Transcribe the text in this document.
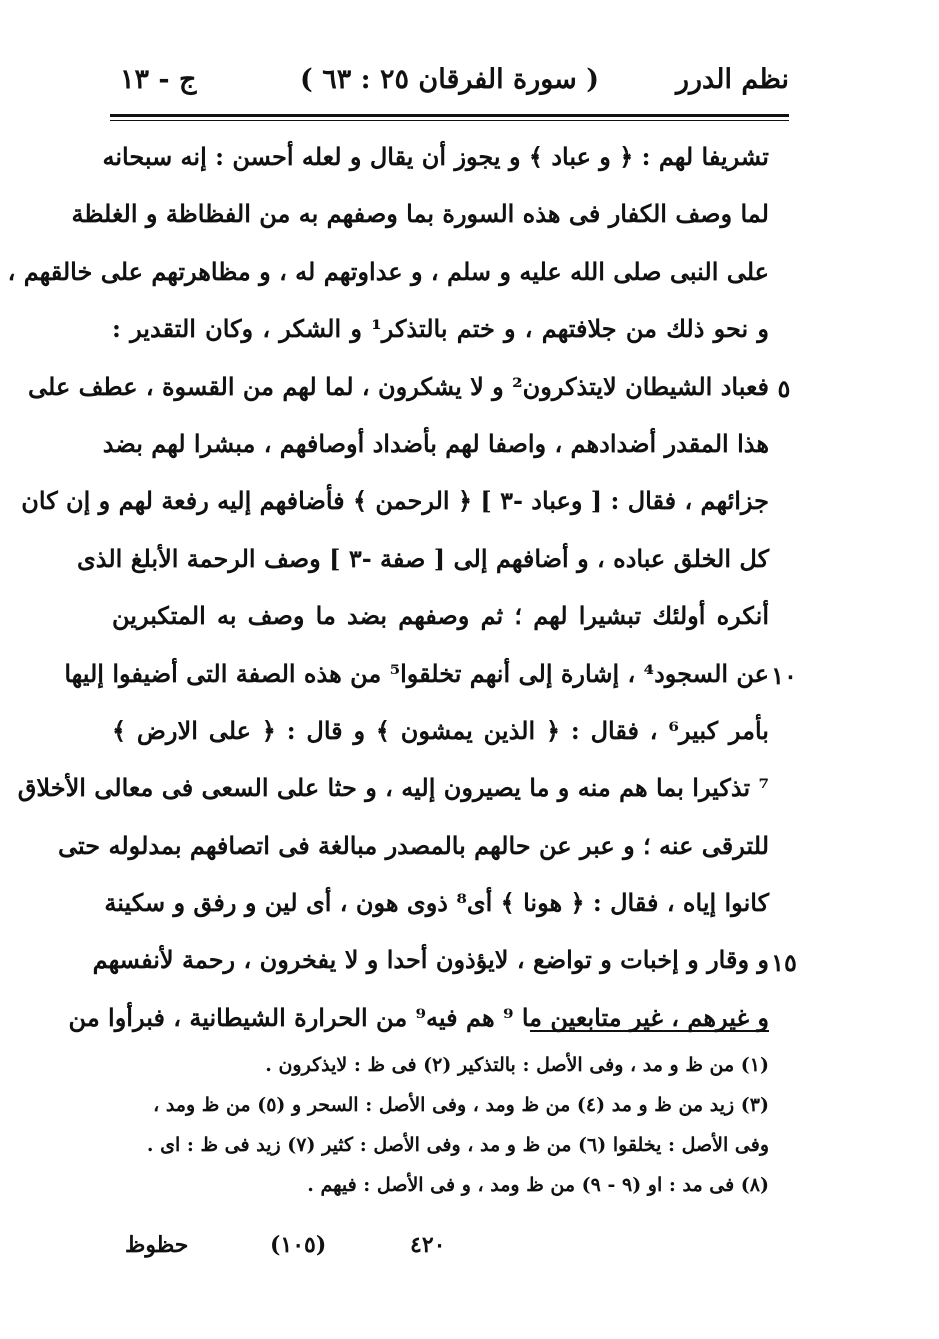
نظم الدرر
( سورة الفرقان ٢٥ : ٦٣ )
ج - ١٣
تشريفا لهم : ﴿ و عباد ﴾ و يجوز أن يقال و لعله أحسن : إنه سبحانه
لما وصف الكفار فى هذه السورة بما وصفهم به من الفظاظة و الغلظة
على النبى صلى الله عليه و سلم ، و عداوتهم له ، و مظاهرتهم على خالقهم ،
و نحو ذلك من جلافتهم ، و ختم بالتذكر¹ و الشكر ، وكان التقدير :
فعباد الشيطان لايتذكرون² و لا يشكرون ، لما لهم من القسوة ، عطف على
هذا المقدر أضدادهم ، واصفا لهم بأضداد أوصافهم ، مبشرا لهم بضد
جزائهم ، فقال : [ وعباد -٣ ] ﴿ الرحمن ﴾ فأضافهم إليه رفعة لهم و إن كان
كل الخلق عباده ، و أضافهم إلى [ صفة -٣ ] وصف الرحمة الأبلغ الذى
أنكره أولئك تبشيرا لهم ؛ ثم وصفهم بضد ما وصف به المتكبرين
عن السجود⁴ ، إشارة إلى أنهم تخلقوا⁵ من هذه الصفة التى أضيفوا إليها
بأمر كبير⁶ ، فقال : ﴿ الذين يمشون ﴾ و قال : ﴿ على الارض ﴾
⁷ تذكيرا بما هم منه و ما يصيرون إليه ، و حثا على السعى فى معالى الأخلاق
للترقى عنه ؛ و عبر عن حالهم بالمصدر مبالغة فى اتصافهم بمدلوله حتى
كانوا إياه ، فقال : ﴿ هونا ﴾ أى⁸ ذوى هون ، أى لين و رفق و سكينة
و وقار و إخبات و تواضع ، لايؤذون أحدا و لا يفخرون ، رحمة لأنفسهم
و غيرهم ، غير متابعين ما ⁹ هم فيه⁹ من الحرارة الشيطانية ، فبرأوا من
٥
١٠
١٥
(١) من ظ و مد ، وفى الأصل : بالتذكير (٢) فى ظ : لايذكرون .
(٣) زيد من ظ و مد (٤) من ظ ومد ، وفى الأصل : السحر و (٥) من ظ ومد ،
وفى الأصل : يخلقوا (٦) من ظ و مد ، وفى الأصل : كثير (٧) زيد فى ظ : اى .
(٨) فى مد : او (٩ - ٩) من ظ ومد ، و فى الأصل : فيهم .
حظوظ	(١٠٥)	٤٢٠
